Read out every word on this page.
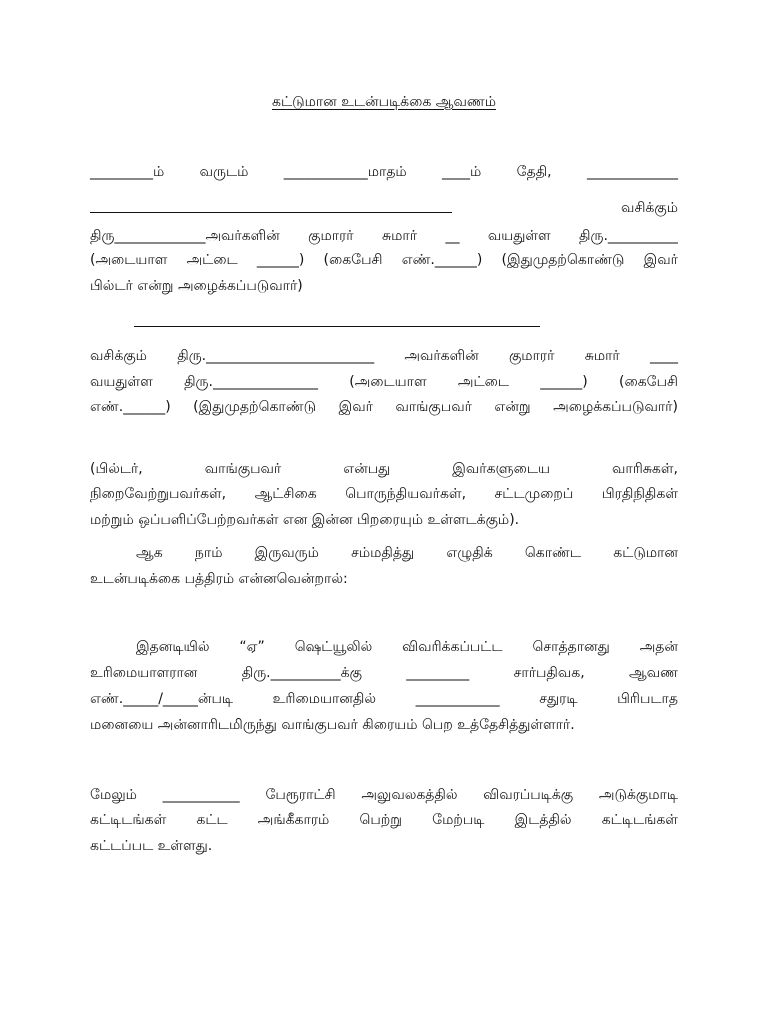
கட்டுமான உடன்படிக்கை ஆவணம்
_________ம்	வருடம்	____________மாதம்	____ம்	தேதி,	_____________
வசிக்கும்
திரு_____________அவர்களின் குமாரர் சுமார் __ வயதுள்ள திரு.__________
(அடையாள அட்டை ______) (கைபேசி எண்.______) (இதுமுதற்கொண்டு இவர்
பில்டர் என்று அழைக்கப்படுவார்)
வசிக்கும் திரு.________________________ அவர்களின் குமாரர் சுமார் ____
வயதுள்ள திரு._______________ (அடையாள அட்டை ______) (கைபேசி
எண்.______) (இதுமுதற்கொண்டு இவர் வாங்குபவர் என்று அழைக்கப்படுவார்)
(பில்டர்,	வாங்குபவர்	என்பது	இவர்களுடைய	வாரிசுகள்,
நிறைவேற்றுபவர்கள், ஆட்சிகை பொருந்தியவர்கள், சட்டமுறைப் பிரதிநிதிகள்
மற்றும் ஒப்பளிப்பேற்றவர்கள் என இன்ன பிறரையும் உள்ளடக்கும்).
ஆக நாம் இருவரும் சம்மதித்து எழுதிக் கொண்ட கட்டுமான
உடன்படிக்கை பத்திரம் என்னவென்றால்:
இதனடியில் “ஏ” ஷெட்யூலில் விவரிக்கப்பட்ட சொத்தானது அதன்
உரிமையாளரான	திரு.__________க்கு	_________	சார்பதிவக,	ஆவண
எண்._____/_____ன்படி	உரிமையானதில்	____________	சதுரடி	பிரிபடாத
மனையை அன்னாரிடமிருந்து வாங்குபவர் கிரையம் பெற உத்தேசித்துள்ளார்.
மேலும் ___________ பேரூராட்சி அலுவலகத்தில் விவரப்படிக்கு அடுக்குமாடி
கட்டிடங்கள் கட்ட அங்கீகாரம் பெற்று மேற்படி இடத்தில் கட்டிடங்கள்
கட்டப்பட உள்ளது.
